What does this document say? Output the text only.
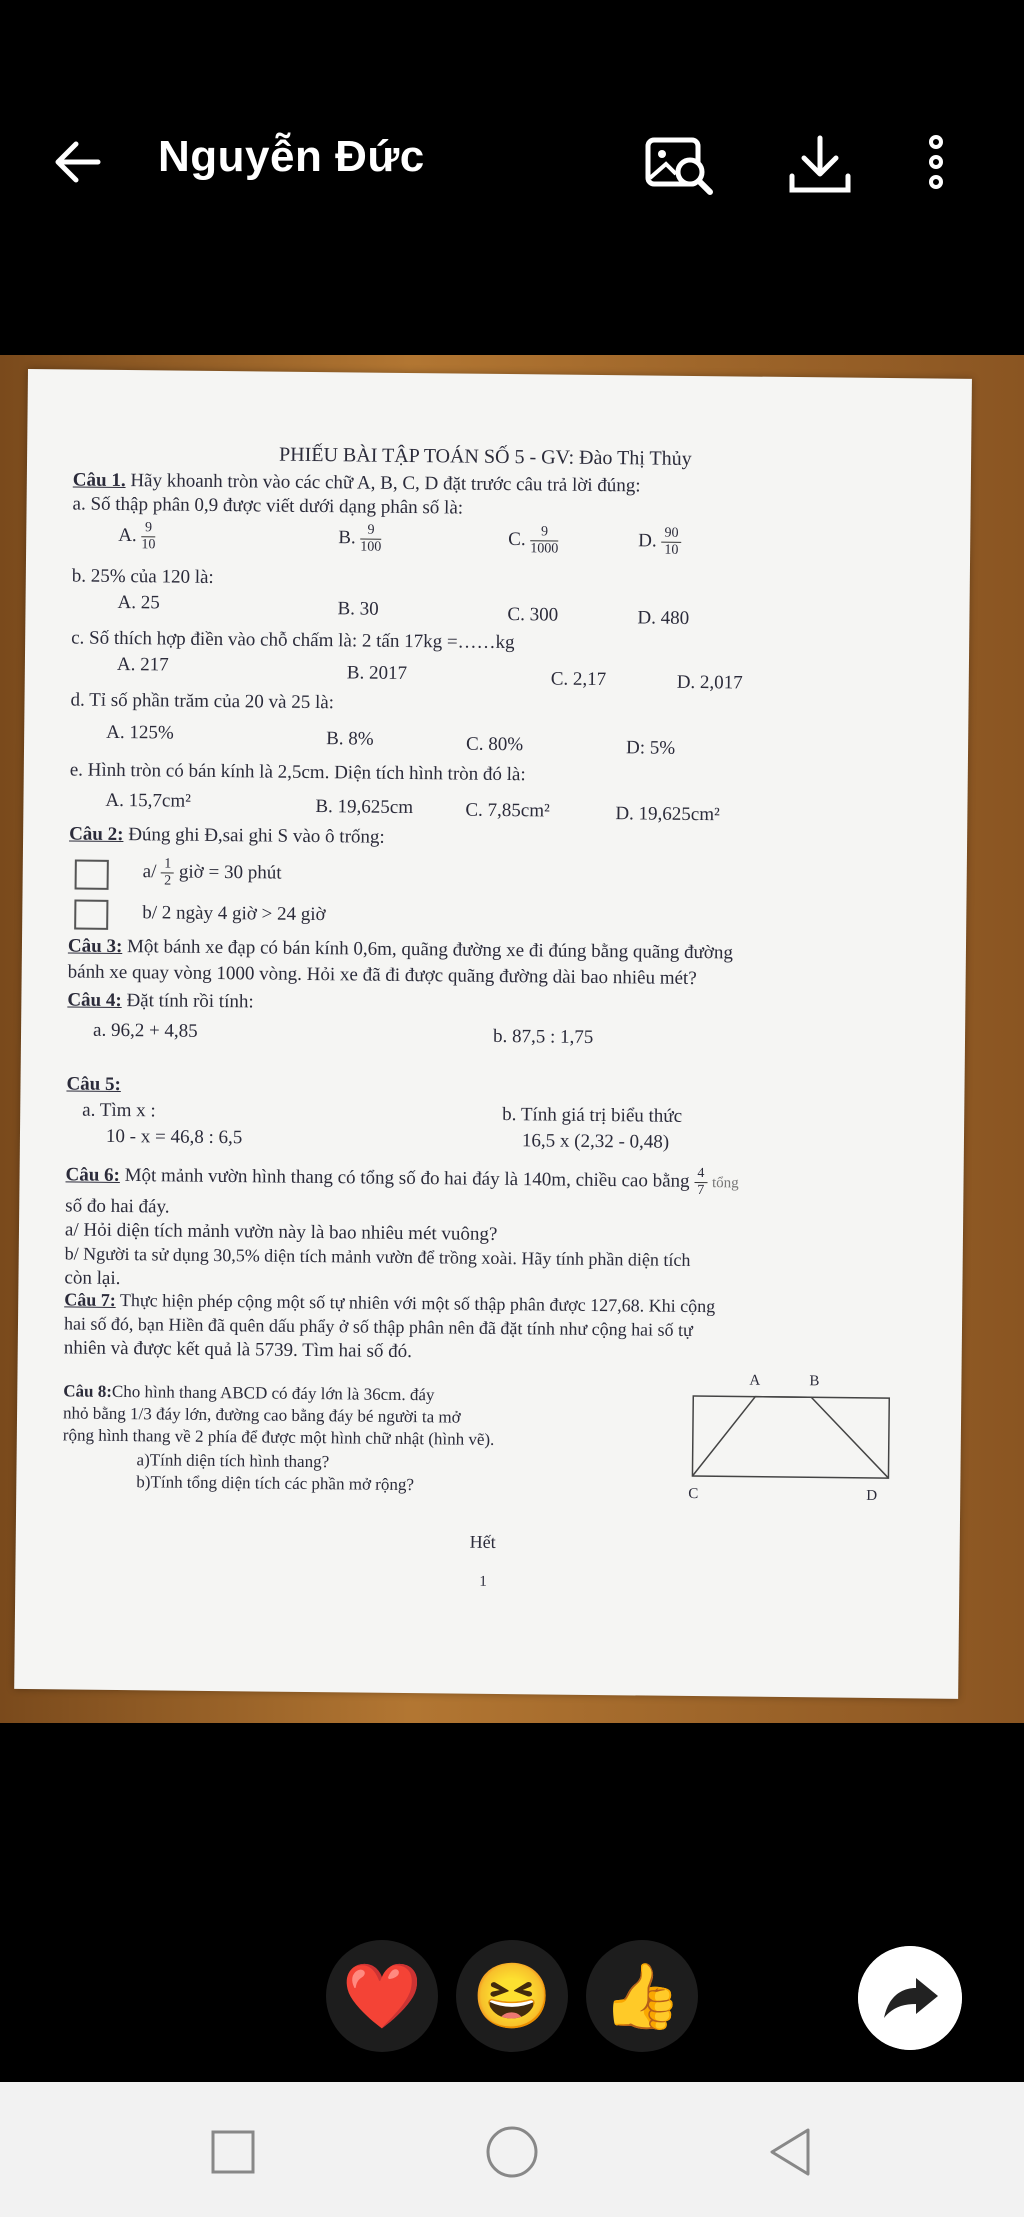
Nguyễn Đức
PHIẾU BÀI TẬP TOÁN SỐ 5 - GV: Đào Thị Thủy
Câu 1. Hãy khoanh tròn vào các chữ A, B, C, D đặt trước câu trả lời đúng:
a. Số thập phân 0,9 được viết dưới dạng phân số là:
A. $\frac{9}{10}$	B. $\frac{9}{100}$	C. $\frac{9}{1000}$	D. $\frac{90}{10}$
b. 25% của 120 là:
A. 25	B. 30	C. 300	D. 480
c. Số thích hợp điền vào chỗ chấm là: 2 tấn 17kg =……kg
A. 217	B. 2017	C. 2,17	D. 2,017
d. Tỉ số phần trăm của 20 và 25 là:
A. 125%	B. 8%	C. 80%	D: 5%
e. Hình tròn có bán kính là 2,5cm. Diện tích hình tròn đó là:
A. 15,7cm²	B. 19,625cm	C. 7,85cm²	D. 19,625cm²
Câu 2: Đúng ghi Đ,sai ghi S vào ô trống:
$a/ \frac{1}{2}$ giờ = 30 phút
b/ 2 ngày 4 giờ > 24 giờ
Câu 3: Một bánh xe đạp có bán kính 0,6m, quãng đường xe đi đúng bằng quãng đường
bánh xe quay vòng 1000 vòng. Hỏi xe đã đi được quãng đường dài bao nhiêu mét?
Câu 4: Đặt tính rồi tính:
a. 96,2 + 4,85	b. 87,5 : 1,75
Câu 5:
a. Tìm x :
10 - x = 46,8 : 6,5
b. Tính giá trị biểu thức
16,5 x (2,32 - 0,48)
Câu 6: Một mảnh vườn hình thang có tổng số đo hai đáy là 140m, chiều cao bằng $\frac{4}{7}$ tổng
số đo hai đáy.
a/ Hỏi diện tích mảnh vườn này là bao nhiêu mét vuông?
b/ Người ta sử dụng 30,5% diện tích mảnh vườn để trồng xoài. Hãy tính phần diện tích
còn lại.
Câu 7: Thực hiện phép cộng một số tự nhiên với một số thập phân được 127,68. Khi cộng
hai số đó, bạn Hiền đã quên dấu phẩy ở số thập phân nên đã đặt tính như cộng hai số tự
nhiên và được kết quả là 5739. Tìm hai số đó.
Câu 8:Cho hình thang ABCD có đáy lớn là 36cm. đáy
nhỏ bằng 1/3 đáy lớn, đường cao bằng đáy bé người ta mở
rộng hình thang về 2 phía để được một hình chữ nhật (hình vẽ).
a)Tính diện tích hình thang?
b)Tính tổng diện tích các phần mở rộng?
A	B
C	D
Hết
1
❤️ 😆 👍
